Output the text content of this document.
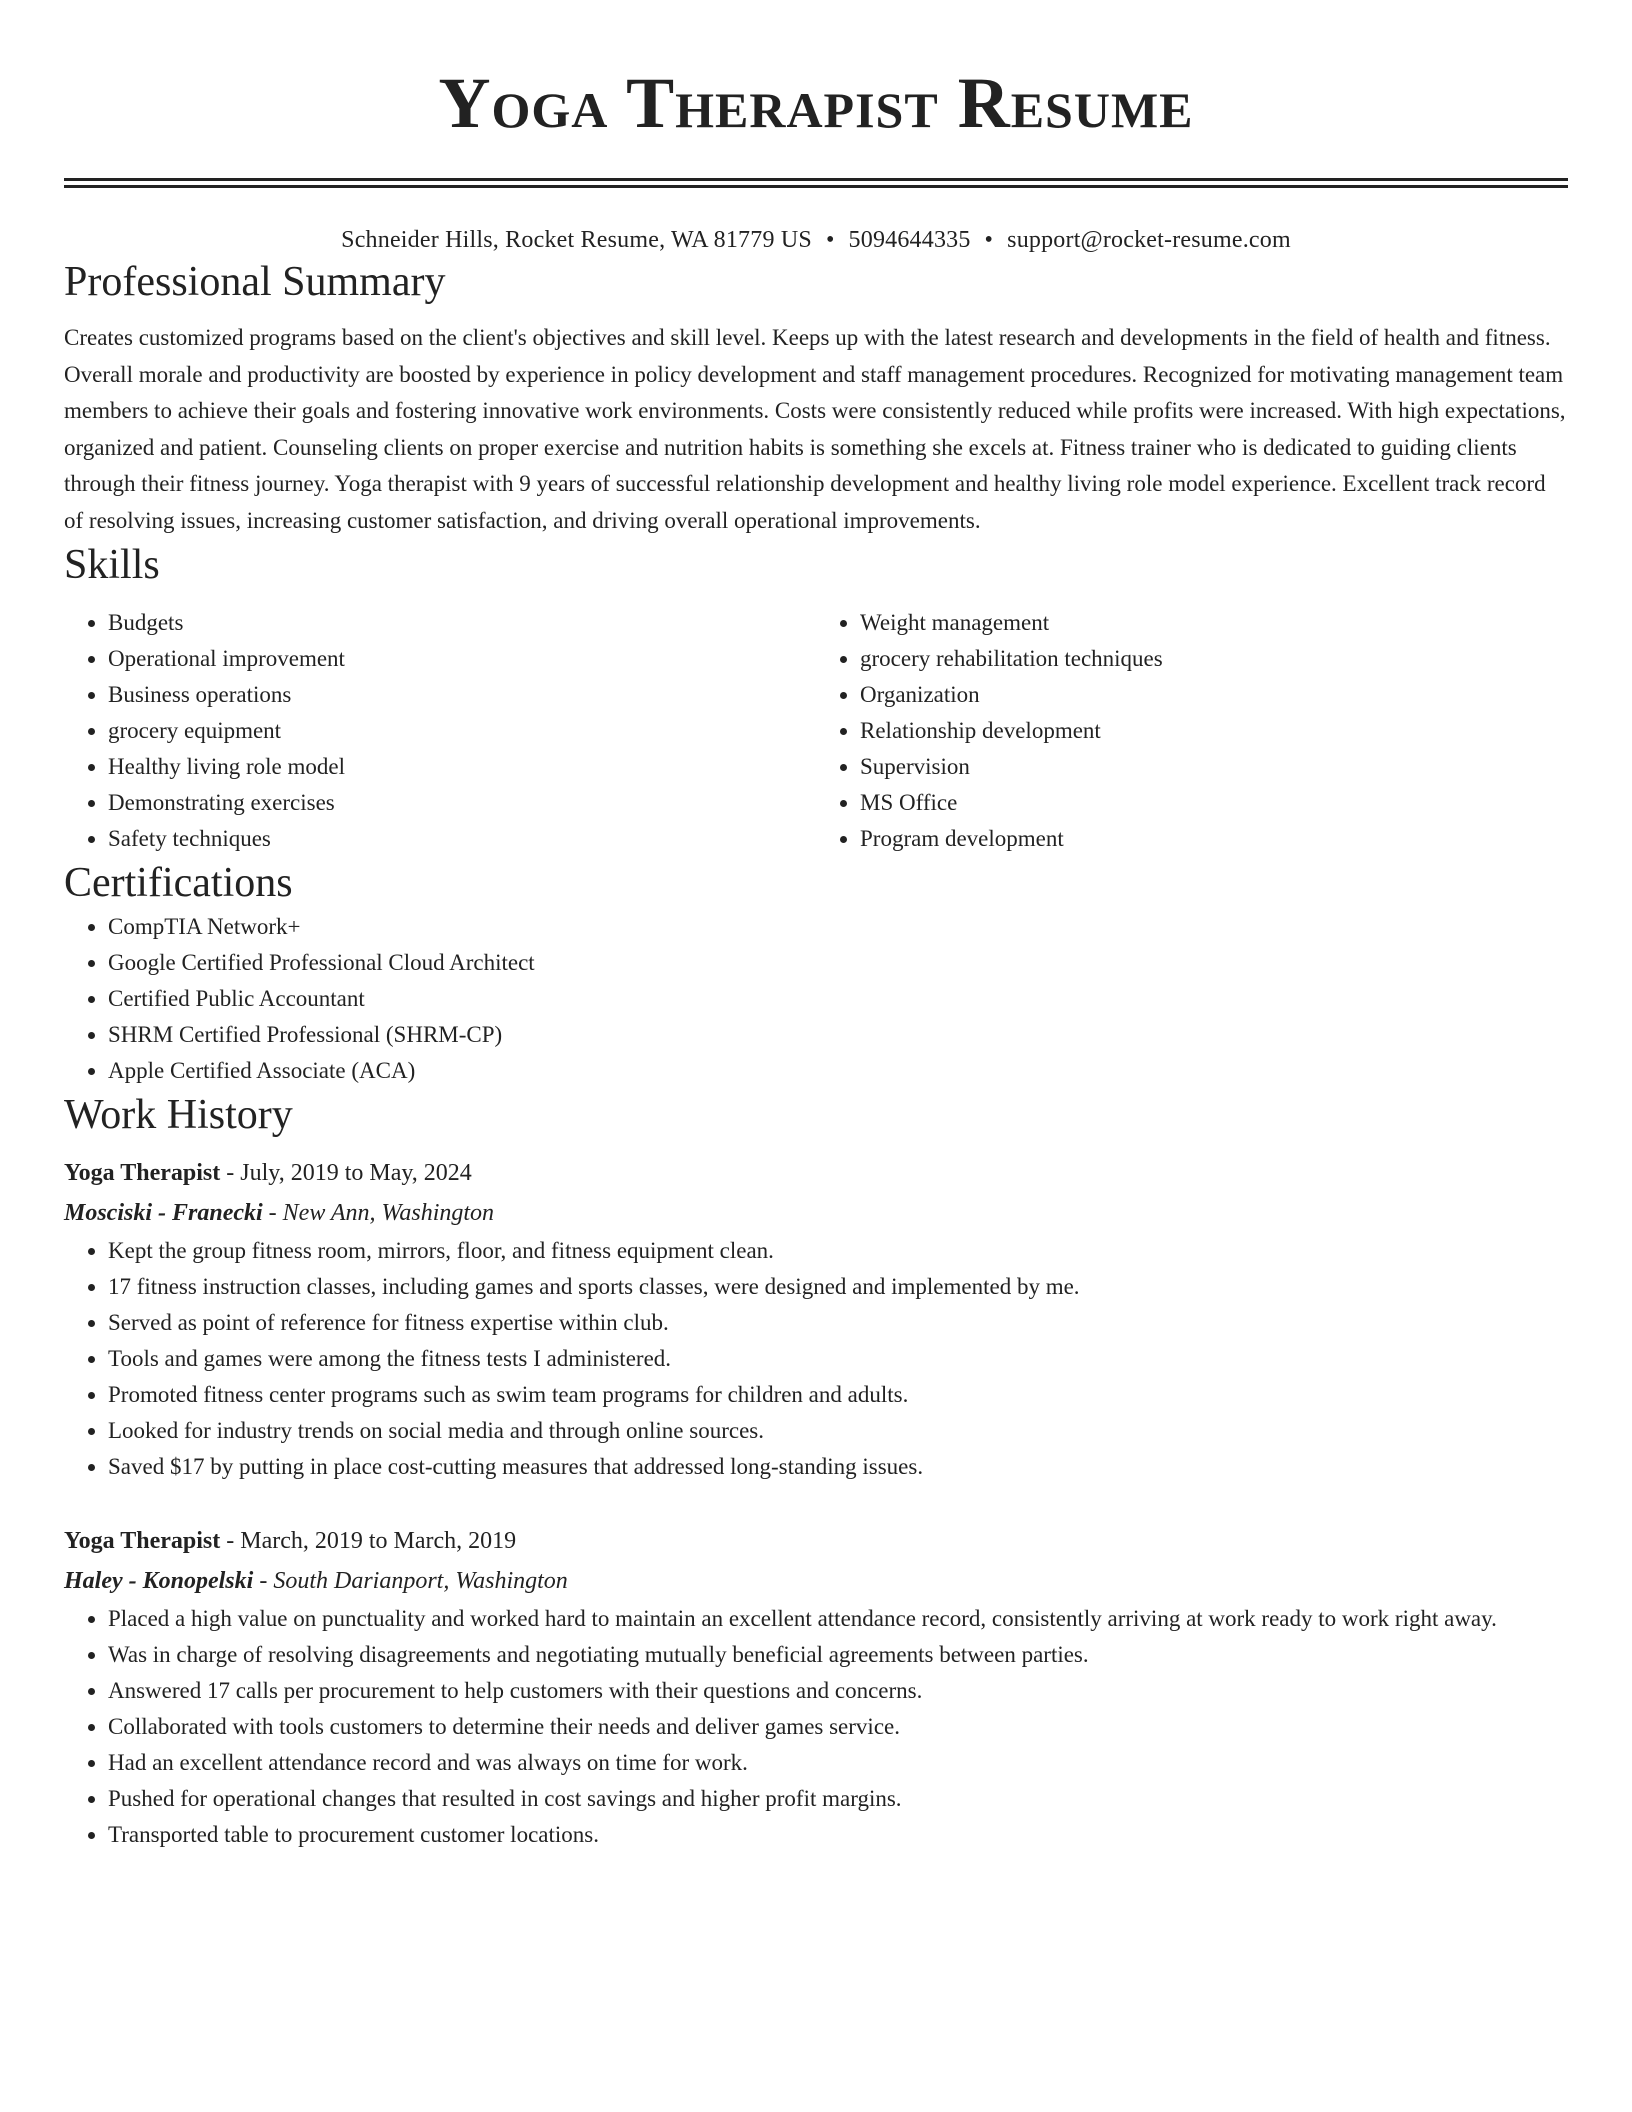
Yoga Therapist Resume
Schneider Hills, Rocket Resume, WA 81779 US • 5094644335 • support@rocket-resume.com
Professional Summary

Creates customized programs based on the client's objectives and skill level. Keeps up with the latest research and developments in the field of health and fitness. Overall morale and productivity are boosted by experience in policy development and staff management procedures. Recognized for motivating management team members to achieve their goals and fostering innovative work environments. Costs were consistently reduced while profits were increased. With high expectations, organized and patient. Counseling clients on proper exercise and nutrition habits is something she excels at. Fitness trainer who is dedicated to guiding clients through their fitness journey. Yoga therapist with 9 years of successful relationship development and healthy living role model experience. Excellent track record of resolving issues, increasing customer satisfaction, and driving overall operational improvements.

Skills
• Budgets
• Operational improvement
• Business operations
• grocery equipment
• Healthy living role model
• Demonstrating exercises
• Safety techniques
• Weight management
• grocery rehabilitation techniques
• Organization
• Relationship development
• Supervision
• MS Office
• Program development
Certifications
• CompTIA Network+
• Google Certified Professional Cloud Architect
• Certified Public Accountant
• SHRM Certified Professional (SHRM-CP)
• Apple Certified Associate (ACA)
Work History
Yoga Therapist - July, 2019 to May, 2024
Mosciski - Franecki - New Ann, Washington
• Kept the group fitness room, mirrors, floor, and fitness equipment clean.
• 17 fitness instruction classes, including games and sports classes, were designed and implemented by me.
• Served as point of reference for fitness expertise within club.
• Tools and games were among the fitness tests I administered.
• Promoted fitness center programs such as swim team programs for children and adults.
• Looked for industry trends on social media and through online sources.
• Saved $17 by putting in place cost-cutting measures that addressed long-standing issues.
Yoga Therapist - March, 2019 to March, 2019
Haley - Konopelski - South Darianport, Washington
• Placed a high value on punctuality and worked hard to maintain an excellent attendance record, consistently arriving at work ready to work right away.
• Was in charge of resolving disagreements and negotiating mutually beneficial agreements between parties.
• Answered 17 calls per procurement to help customers with their questions and concerns.
• Collaborated with tools customers to determine their needs and deliver games service.
• Had an excellent attendance record and was always on time for work.
• Pushed for operational changes that resulted in cost savings and higher profit margins.
• Transported table to procurement customer locations.
